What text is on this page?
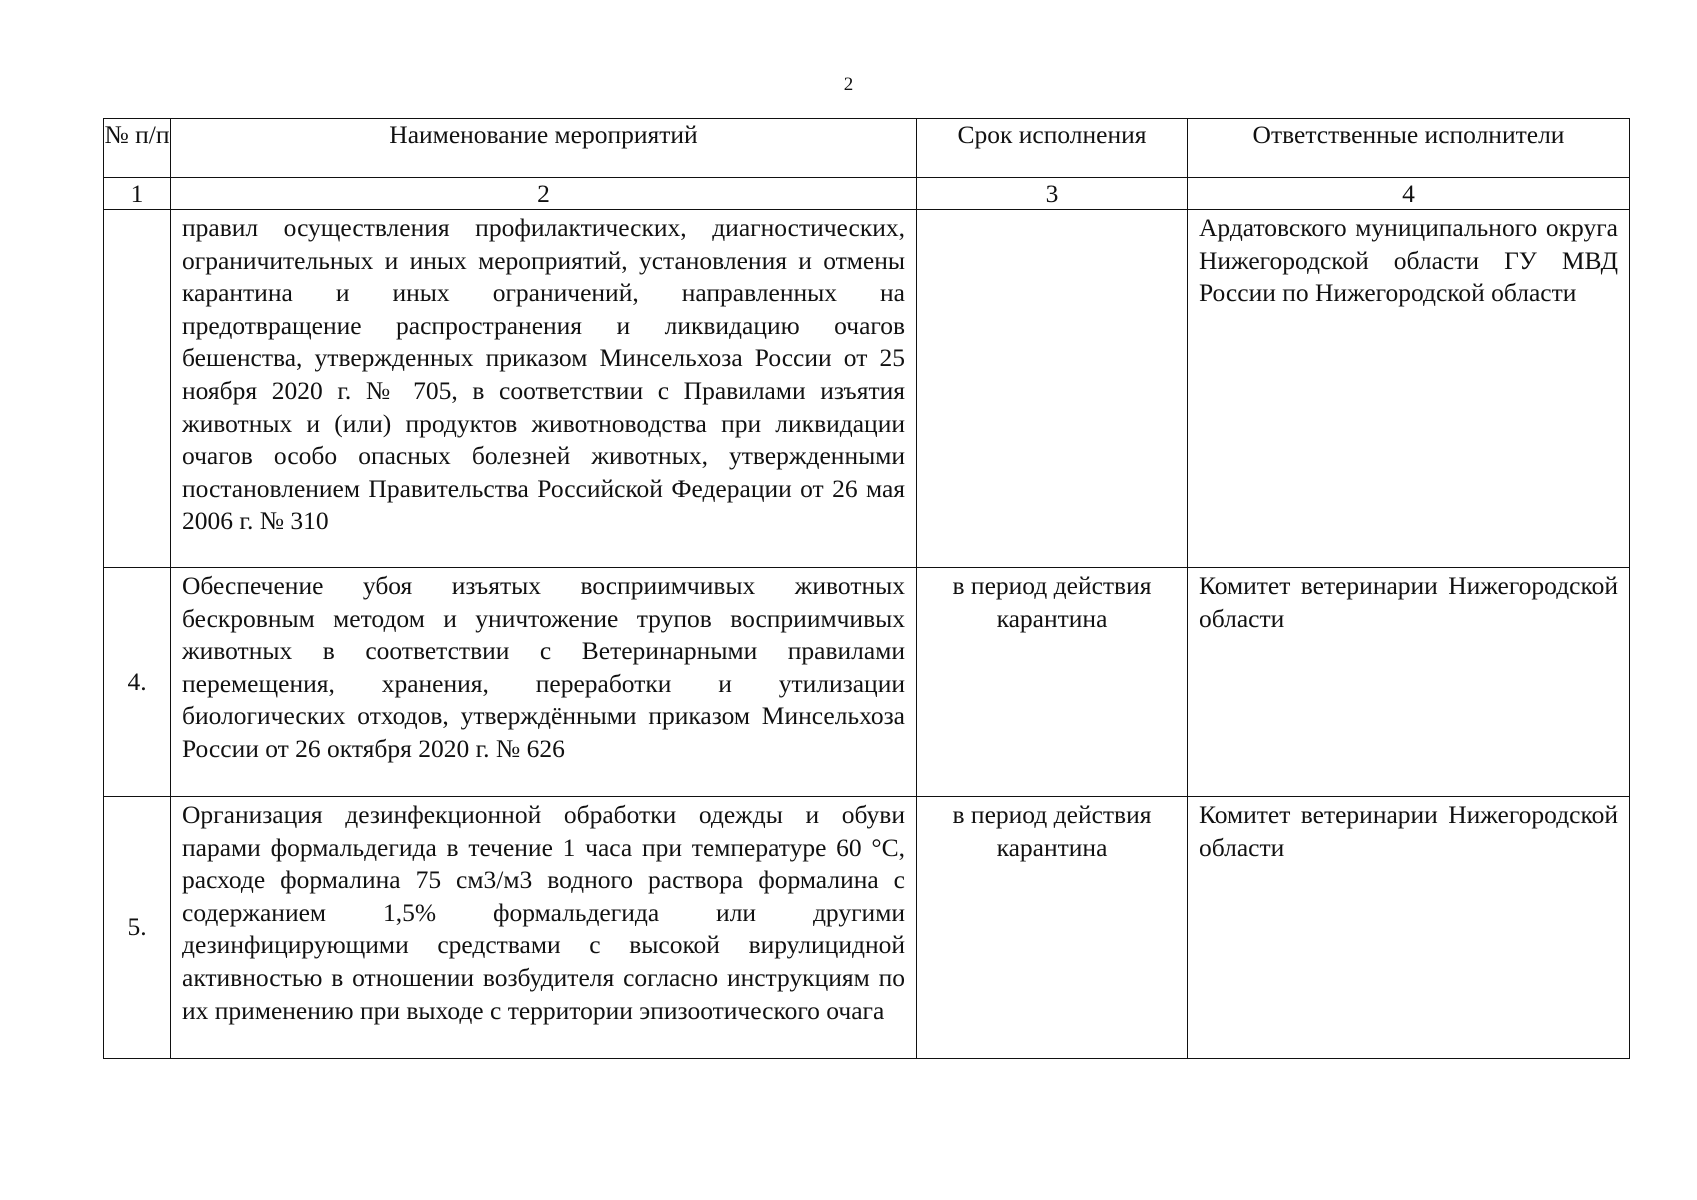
2
№ п/п	Наименование мероприятий	Срок исполнения	Ответственные исполнители
1	2	3	4
	правил осуществления профилактических, диагностических, ограничительных и иных мероприятий, установления и отмены карантина и иных ограничений, направленных на предотвращение распространения и ликвидацию очагов бешенства, утвержденных приказом Минсельхоза России от 25 ноября 2020 г. № 705, в соответствии с Правилами изъятия животных и (или) продуктов животноводства при ликвидации очагов особо опасных болезней животных, утвержденными постановлением Правительства Российской Федерации от 26 мая 2006 г. № 310		Ардатовского муниципального округа Нижегородской области ГУ МВД России по Нижегородской области
4.	Обеспечение убоя изъятых восприимчивых животных бескровным методом и уничтожение трупов восприимчивых животных в соответствии с Ветеринарными правилами перемещения, хранения, переработки и утилизации биологических отходов, утверждёнными приказом Минсельхоза России от 26 октября 2020 г. № 626	в период действия карантина	Комитет ветеринарии Нижегородской области
5.	Организация дезинфекционной обработки одежды и обуви парами формальдегида в течение 1 часа при температуре 60 °С, расходе формалина 75 см3/м3 водного раствора формалина с содержанием 1,5% формальдегида или другими дезинфицирующими средствами с высокой вирулицидной активностью в отношении возбудителя согласно инструкциям по их применению при выходе с территории эпизоотического очага	в период действия карантина	Комитет ветеринарии Нижегородской области
